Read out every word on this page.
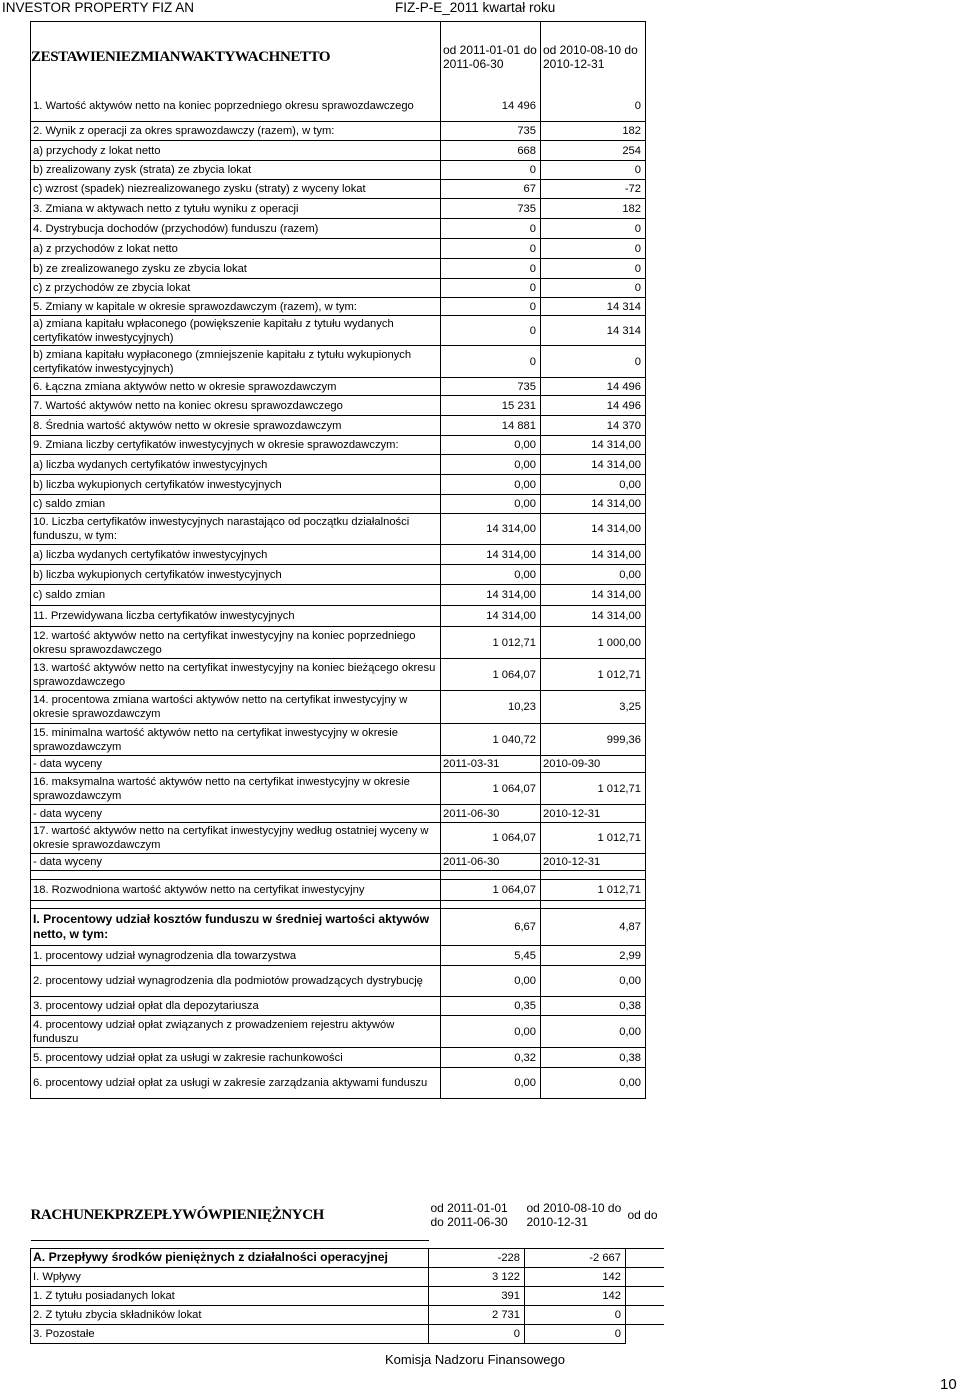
INVESTOR PROPERTY FIZ AN	FIZ-P-E_2011 kwartał roku
ZESTAWIENIEZMIANWAKTYWACHNETTO	od 2011-01-01 do 2011-06-30	od 2010-08-10 do 2010-12-31
1. Wartość aktywów netto na koniec poprzedniego okresu sprawozdawczego	14 496	0
2. Wynik z operacji za okres sprawozdawczy (razem), w tym:	735	182
a) przychody z lokat netto	668	254
b) zrealizowany zysk (strata) ze zbycia lokat	0	0
c) wzrost (spadek) niezrealizowanego zysku (straty) z wyceny lokat	67	-72
3. Zmiana w aktywach netto z tytułu wyniku z operacji	735	182
4. Dystrybucja dochodów (przychodów) funduszu (razem)	0	0
a) z przychodów z lokat netto	0	0
b) ze zrealizowanego zysku ze zbycia lokat	0	0
c) z przychodów ze zbycia lokat	0	0
5. Zmiany w kapitale w okresie sprawozdawczym (razem), w tym:	0	14 314
a) zmiana kapitału wpłaconego (powiększenie kapitału z tytułu wydanych certyfikatów inwestycyjnych)	0	14 314
b) zmiana kapitału wypłaconego (zmniejszenie kapitału z tytułu wykupionych certyfikatów inwestycyjnych)	0	0
6. Łączna zmiana aktywów netto w okresie sprawozdawczym	735	14 496
7. Wartość aktywów netto na koniec okresu sprawozdawczego	15 231	14 496
8. Średnia wartość aktywów netto w okresie sprawozdawczym	14 881	14 370
9. Zmiana liczby certyfikatów inwestycyjnych w okresie sprawozdawczym:	0,00	14 314,00
a) liczba wydanych certyfikatów inwestycyjnych	0,00	14 314,00
b) liczba wykupionych certyfikatów inwestycyjnych	0,00	0,00
c) saldo zmian	0,00	14 314,00
10. Liczba certyfikatów inwestycyjnych narastająco od początku działalności funduszu, w tym:	14 314,00	14 314,00
a) liczba wydanych certyfikatów inwestycyjnych	14 314,00	14 314,00
b) liczba wykupionych certyfikatów inwestycyjnych	0,00	0,00
c) saldo zmian	14 314,00	14 314,00
11. Przewidywana liczba certyfikatów inwestycyjnych	14 314,00	14 314,00
12. wartość aktywów netto na certyfikat inwestycyjny na koniec poprzedniego okresu sprawozdawczego	1 012,71	1 000,00
13. wartość aktywów netto na certyfikat inwestycyjny na koniec bieżącego okresu sprawozdawczego	1 064,07	1 012,71
14. procentowa zmiana wartości aktywów netto na certyfikat inwestycyjny w okresie sprawozdawczym	10,23	3,25
15. minimalna wartość aktywów netto na certyfikat inwestycyjny w okresie sprawozdawczym	1 040,72	999,36
- data wyceny	2011-03-31	2010-09-30
16. maksymalna wartość aktywów netto na certyfikat inwestycyjny w okresie sprawozdawczym	1 064,07	1 012,71
- data wyceny	2011-06-30	2010-12-31
17. wartość aktywów netto na certyfikat inwestycyjny według ostatniej wyceny w okresie sprawozdawczym	1 064,07	1 012,71
- data wyceny	2011-06-30	2010-12-31

18. Rozwodniona wartość aktywów netto na certyfikat inwestycyjny	1 064,07	1 012,71

I. Procentowy udział kosztów funduszu w średniej wartości aktywów netto, w tym:	6,67	4,87
1. procentowy udział wynagrodzenia dla towarzystwa	5,45	2,99
2. procentowy udział wynagrodzenia dla podmiotów prowadzących dystrybucję	0,00	0,00
3. procentowy udział opłat dla depozytariusza	0,35	0,38
4. procentowy udział opłat związanych z prowadzeniem rejestru aktywów funduszu	0,00	0,00
5. procentowy udział opłat za usługi w zakresie rachunkowości	0,32	0,38
6. procentowy udział opłat za usługi w zakresie zarządzania aktywami funduszu	0,00	0,00
RACHUNEKPRZEPŁYWÓWPIENIĘŻNYCH	od 2011-01-01 do 2011-06-30	od 2010-08-10 do 2010-12-31	od do

A. Przepływy środków pieniężnych z działalności operacyjnej	-228	-2 667	
I. Wpływy	3 122	142	
1. Z tytułu posiadanych lokat	391	142	
2. Z tytułu zbycia składników lokat	2 731	0	
3. Pozostałe	0	0	
Komisja Nadzoru Finansowego
10
